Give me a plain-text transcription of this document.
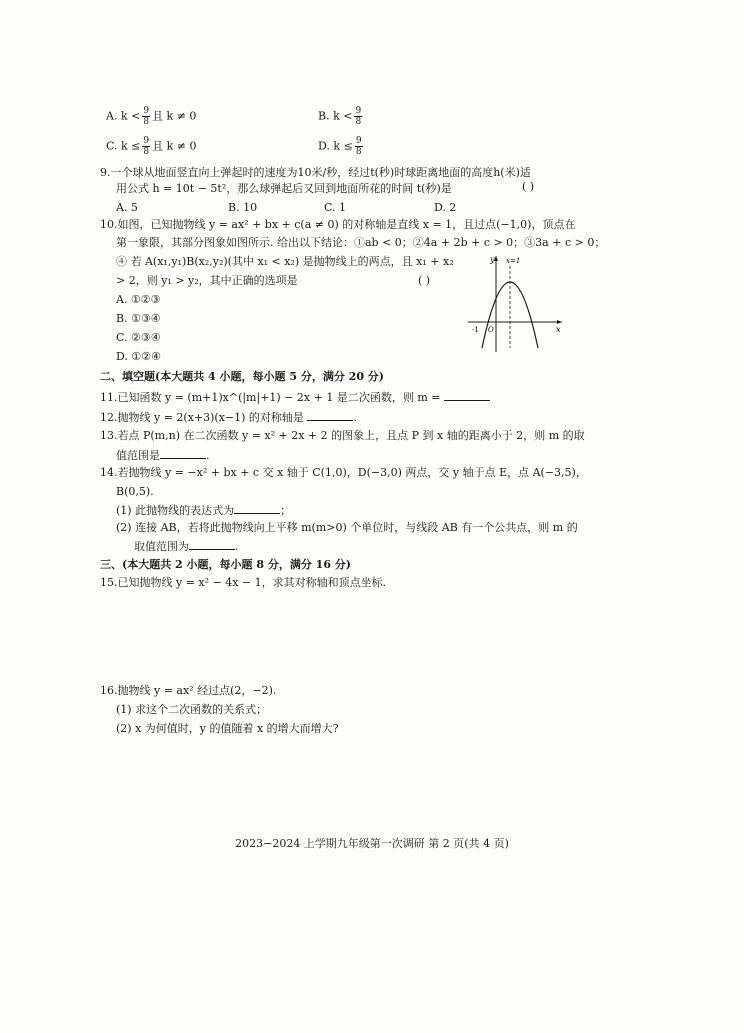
A. $k < \frac{9}{8}$ 且 k ≠ 0	B. $k < \frac{9}{8}$
C. $k \le \frac{9}{8}$ 且 k ≠ 0	D. $k \le \frac{9}{8}$
9.一个球从地面竖直向上弹起时的速度为10米/秒，经过t(秒)时球距离地面的高度h(米)适
用公式 h = 10t − 5t²，那么球弹起后又回到地面所花的时间 t(秒)是	( )
A. 5	B. 10	C. 1	D. 2
10.如图，已知抛物线 y = ax² + bx + c(a ≠ 0) 的对称轴是直线 x = 1，且过点(−1,0)，顶点在
第一象限，其部分图象如图所示. 给出以下结论：①ab < 0；②4a + 2b + c > 0；③3a + c > 0；
④ 若 A(x₁,y₁)B(x₂,y₂)(其中 x₁ < x₂) 是抛物线上的两点，且 x₁ + x₂
> 2，则 y₁ > y₂，其中正确的选项是	( )
A. ①②③
B. ①③④
C. ②③④
D. ①②④
y
x
x=1
O
-1
二、填空题(本大题共 4 小题，每小题 5 分，满分 20 分)
11.已知函数 y = (m+1)x^(|m|+1) − 2x + 1 是二次函数，则 m =
12.抛物线 y = 2(x+3)(x−1) 的对称轴是	.
13.若点 P(m,n) 在二次函数 y = x² + 2x + 2 的图象上，且点 P 到 x 轴的距离小于 2，则 m 的取
值范围是	.
14.若抛物线 y = −x² + bx + c 交 x 轴于 C(1,0)，D(−3,0) 两点，交 y 轴于点 E，点 A(−3,5)，
B(0,5).
(1) 此抛物线的表达式为	；
(2) 连接 AB，若将此抛物线向上平移 m(m>0) 个单位时，与线段 AB 有一个公共点，则 m 的
取值范围为	.
三、(本大题共 2 小题，每小题 8 分，满分 16 分)
15.已知抛物线 y = x² − 4x − 1，求其对称轴和顶点坐标.
16.抛物线 y = ax² 经过点(2，−2).
(1) 求这个二次函数的关系式；
(2) x 为何值时，y 的值随着 x 的增大而增大?
2023−2024 上学期九年级第一次调研 第 2 页(共 4 页)
